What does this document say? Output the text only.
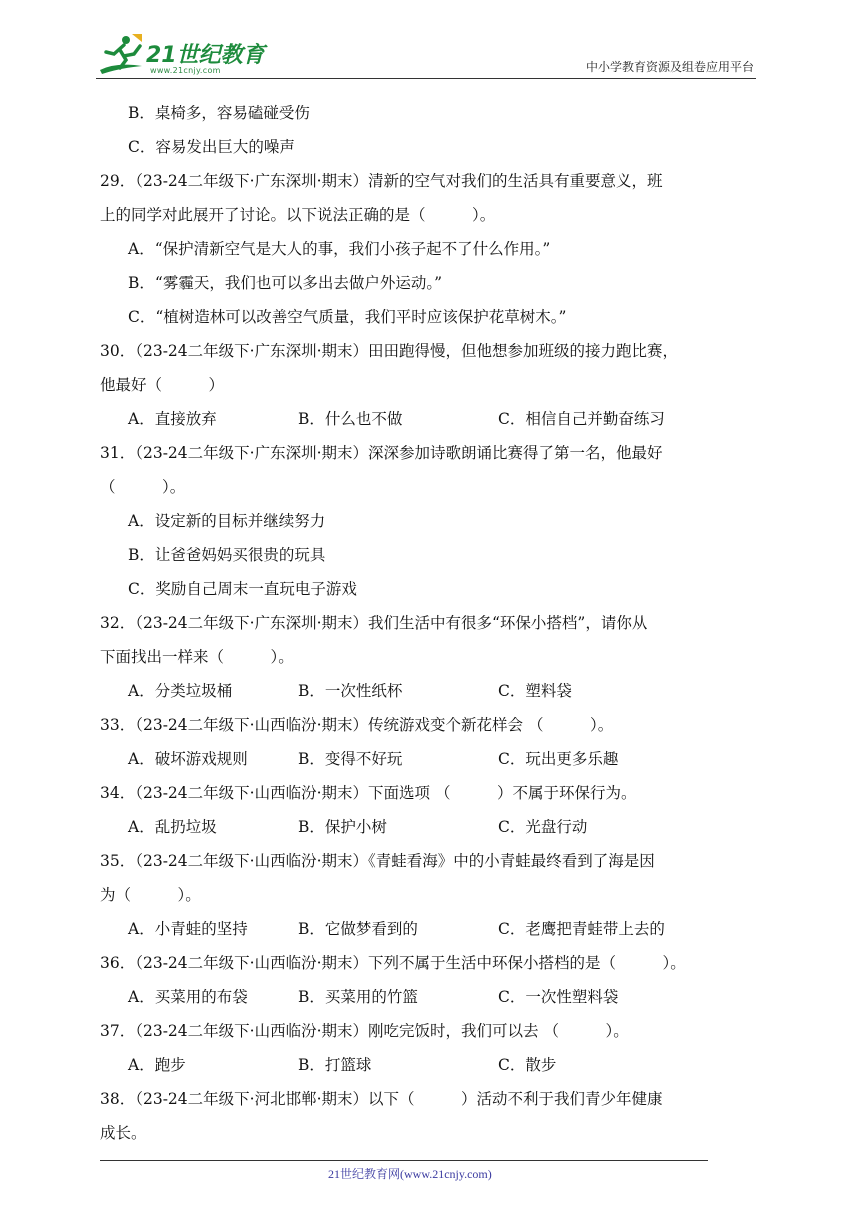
21世纪教育
www.21cnjy.com	中小学教育资源及组卷应用平台
B．桌椅多，容易磕碰受伤
C．容易发出巨大的噪声
29．（23-24二年级下·广东深圳·期末）清新的空气对我们的生活具有重要意义，班
上的同学对此展开了讨论。以下说法正确的是（　　　）。
A．“保护清新空气是大人的事，我们小孩子起不了什么作用。”
B．“雾霾天，我们也可以多出去做户外运动。”
C．“植树造林可以改善空气质量，我们平时应该保护花草树木。”
30．（23-24二年级下·广东深圳·期末）田田跑得慢，但他想参加班级的接力跑比赛，
他最好（　　　）
A．直接放弃	B．什么也不做	C．相信自己并勤奋练习
31．（23-24二年级下·广东深圳·期末）深深参加诗歌朗诵比赛得了第一名，他最好
（　　　）。
A．设定新的目标并继续努力
B．让爸爸妈妈买很贵的玩具
C．奖励自己周末一直玩电子游戏
32．（23-24二年级下·广东深圳·期末）我们生活中有很多“环保小搭档”，请你从
下面找出一样来（　　　）。
A．分类垃圾桶	B．一次性纸杯	C．塑料袋
33．（23-24二年级下·山西临汾·期末）传统游戏变个新花样会 （　　　）。
A．破坏游戏规则	B．变得不好玩	C．玩出更多乐趣
34．（23-24二年级下·山西临汾·期末）下面选项 （　　　）不属于环保行为。
A．乱扔垃圾	B．保护小树	C．光盘行动
35．（23-24二年级下·山西临汾·期末）《青蛙看海》中的小青蛙最终看到了海是因
为（　　　）。
A．小青蛙的坚持	B．它做梦看到的	C．老鹰把青蛙带上去的
36．（23-24二年级下·山西临汾·期末）下列不属于生活中环保小搭档的是（　　　）。
A．买菜用的布袋	B．买菜用的竹篮	C．一次性塑料袋
37．（23-24二年级下·山西临汾·期末）刚吃完饭时，我们可以去 （　　　）。
A．跑步	B．打篮球	C．散步
38．（23-24二年级下·河北邯郸·期末）以下（　　　）活动不利于我们青少年健康
成长。
21世纪教育网(www.21cnjy.com)
